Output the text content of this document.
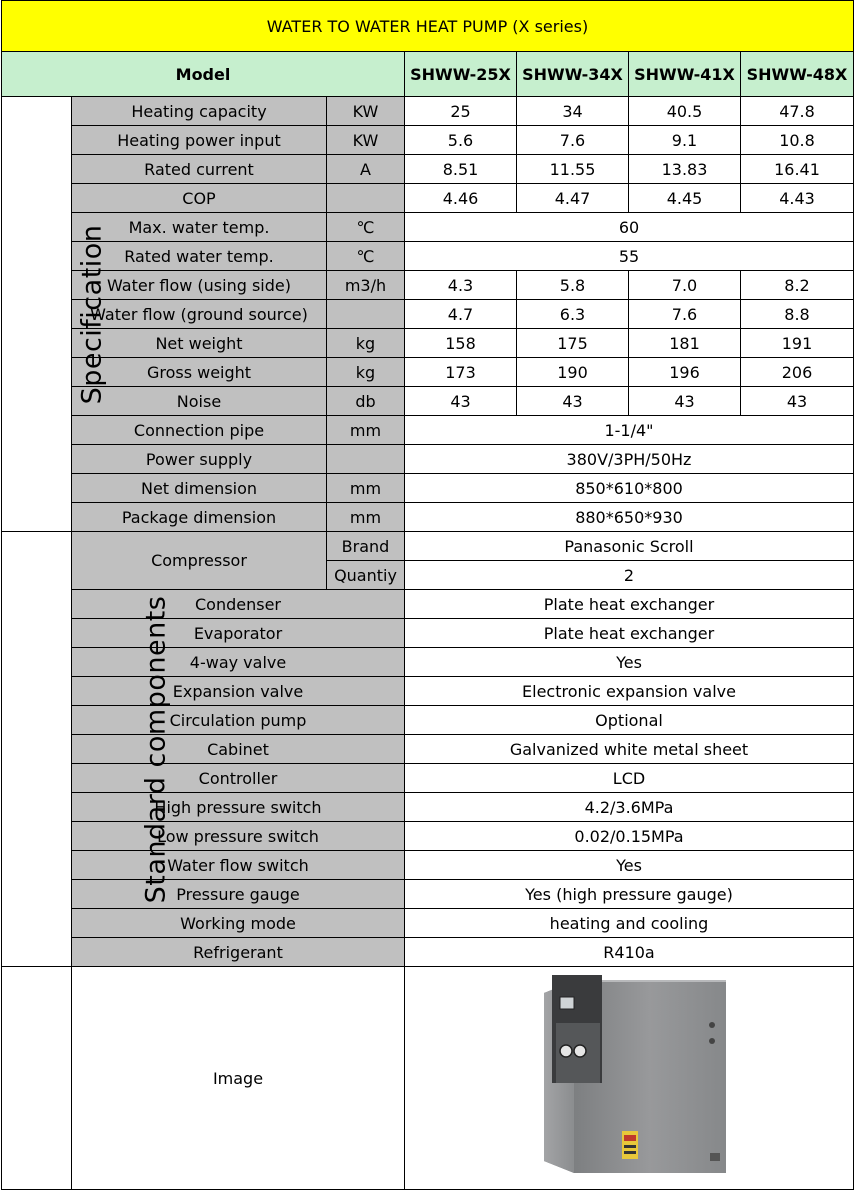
WATER TO WATER HEAT PUMP (X series)						
Model			SHWW-25X	SHWW-34X	SHWW-41X	SHWW-48X
Specification	Heating capacity	KW	25	34	40.5	47.8
	Heating power input	KW	5.6	7.6	9.1	10.8
	Rated current	A	8.51	11.55	13.83	16.41
	COP		4.46	4.47	4.45	4.43
	Max. water temp.	℃	60			
	Rated water temp.	℃	55			
	Water flow (using side)	m3/h	4.3	5.8	7.0	8.2
	Water flow (ground source)		4.7	6.3	7.6	8.8
	Net weight	kg	158	175	181	191
	Gross weight	kg	173	190	196	206
	Noise	db	43	43	43	43
	Connection pipe	mm	1-1/4"			
	Power supply		380V/3PH/50Hz			
	Net dimension	mm	850*610*800			
	Package dimension	mm	880*650*930			
Standard components	Compressor	Brand	Panasonic Scroll			
		Quantiy	2			
	Condenser		Plate heat exchanger			
	Evaporator		Plate heat exchanger			
	4-way valve		Yes			
	Expansion valve		Electronic expansion valve			
	Circulation pump		Optional			
	Cabinet		Galvanized white metal sheet			
	Controller		LCD			
	High pressure switch		4.2/3.6MPa			
	Low pressure switch		0.02/0.15MPa			
	Water flow switch		Yes			
	Pressure gauge		Yes (high pressure gauge)			
	Working mode		heating and cooling			
	Refrigerant		R410a			
	Image	
